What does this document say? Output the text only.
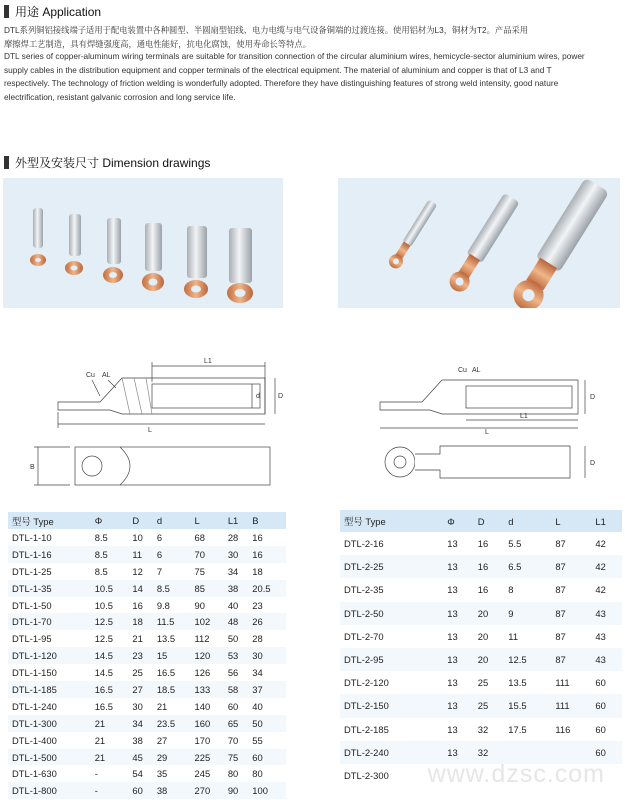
用途 Application
DTL系列铜铝接线端子适用于配电装置中各种圆型、半圆扇型铝线、电力电缆与电气设备铜端的过渡连接。使用铝材为L3，铜材为T2。产品采用
摩擦焊工艺制造，具有焊缝强度高，通电性能好，抗电化腐蚀，使用寿命长等特点。
DTL series of copper-aluminum wiring terminals are suitable for transition connection of the circular aluminium wires, hemicycle-sector aluminium wires, power
supply cables in the distribution equipment and copper terminals of the electrical equipment. The material of aluminium and copper is that of L3 and T
respectively. The technology of friction welding is wonderfully adopted. Therefore they have distinguishing features of strong weld intensity, good nature
electrification, resistant galvanic corrosion and long service life.
外型及安装尺寸 Dimension drawings
Cu AL
L1
L
D
d
B
Cu AL
L1
L
D
D
型号 Type	Φ	D	d	L	L1	B
DTL-1-10	8.5	10	6	68	28	16
DTL-1-16	8.5	11	6	70	30	16
DTL-1-25	8.5	12	7	75	34	18
DTL-1-35	10.5	14	8.5	85	38	20.5
DTL-1-50	10.5	16	9.8	90	40	23
DTL-1-70	12.5	18	11.5	102	48	26
DTL-1-95	12.5	21	13.5	112	50	28
DTL-1-120	14.5	23	15	120	53	30
DTL-1-150	14.5	25	16.5	126	56	34
DTL-1-185	16.5	27	18.5	133	58	37
DTL-1-240	16.5	30	21	140	60	40
DTL-1-300	21	34	23.5	160	65	50
DTL-1-400	21	38	27	170	70	55
DTL-1-500	21	45	29	225	75	60
DTL-1-630	-	54	35	245	80	80
DTL-1-800	-	60	38	270	90	100
型号 Type	Φ	D	d	L	L1
DTL-2-16	13	16	5.5	87	42
DTL-2-25	13	16	6.5	87	42
DTL-2-35	13	16	8	87	42
DTL-2-50	13	20	9	87	43
DTL-2-70	13	20	11	87	43
DTL-2-95	13	20	12.5	87	43
DTL-2-120	13	25	13.5	111	60
DTL-2-150	13	25	15.5	111	60
DTL-2-185	13	32	17.5	116	60
DTL-2-240	13	32			60
DTL-2-300					www.dzsc.com
